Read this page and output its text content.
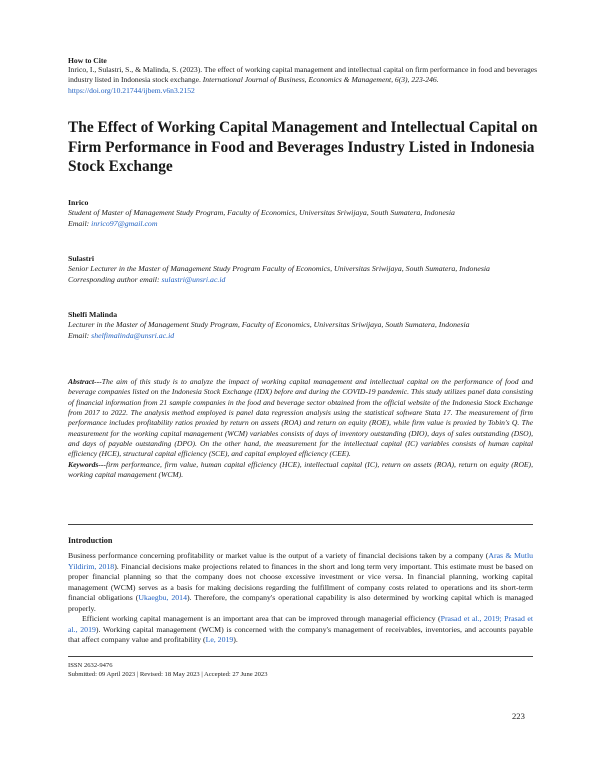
How to Cite
Inrico, I., Sulastri, S., & Malinda, S. (2023). The effect of working capital management and intellectual capital on firm performance in food and beverages industry listed in Indonesia stock exchange. International Journal of Business, Economics & Management, 6(3), 223-246. https://doi.org/10.21744/ijbem.v6n3.2152
The Effect of Working Capital Management and Intellectual Capital on Firm Performance in Food and Beverages Industry Listed in Indonesia Stock Exchange
Inrico
Student of Master of Management Study Program, Faculty of Economics, Universitas Sriwijaya, South Sumatera, Indonesia
Email: inrico97@gmail.com
Sulastri
Senior Lecturer in the Master of Management Study Program Faculty of Economics, Universitas Sriwijaya, South Sumatera, Indonesia
Corresponding author email: sulastri@unsri.ac.id
Shelfi Malinda
Lecturer in the Master of Management Study Program, Faculty of Economics, Universitas Sriwijaya, South Sumatera, Indonesia
Email: shelfimalinda@unsri.ac.id
Abstract---The aim of this study is to analyze the impact of working capital management and intellectual capital on the performance of food and beverage companies listed on the Indonesia Stock Exchange (IDX) before and during the COVID-19 pandemic. This study utilizes panel data consisting of financial information from 21 sample companies in the food and beverage sector obtained from the official website of the Indonesia Stock Exchange from 2017 to 2022. The analysis method employed is panel data regression analysis using the statistical software Stata 17. The measurement of firm performance includes profitability ratios proxied by return on assets (ROA) and return on equity (ROE), while firm value is proxied by Tobin's Q. The measurement for the working capital management (WCM) variables consists of days of inventory outstanding (DIO), days of sales outstanding (DSO), and days of payable outstanding (DPO). On the other hand, the measurement for the intellectual capital (IC) variables consists of human capital efficiency (HCE), structural capital efficiency (SCE), and capital employed efficiency (CEE).
Keywords---firm performance, firm value, human capital efficiency (HCE), intellectual capital (IC), return on assets (ROA), return on equity (ROE), working capital management (WCM).
Introduction

Business performance concerning profitability or market value is the output of a variety of financial decisions taken by a company (Aras & Mutlu Yildirim, 2018). Financial decisions make projections related to finances in the short and long term very important. This estimate must be based on proper financial planning so that the company does not choose excessive investment or vice versa. In financial planning, working capital management (WCM) serves as a basis for making decisions regarding the fulfillment of company costs related to operations and its short-term financial obligations (Ukaegbu, 2014). Therefore, the company's operational capability is also determined by working capital which is managed properly.

Efficient working capital management is an important area that can be improved through managerial efficiency (Prasad et al., 2019; Prasad et al., 2019). Working capital management (WCM) is concerned with the company's management of receivables, inventories, and accounts payable that affect company value and profitability (Le, 2019).

ISSN 2632-9476
Submitted: 09 April 2023 | Revised: 18 May 2023 | Accepted: 27 June 2023
223
